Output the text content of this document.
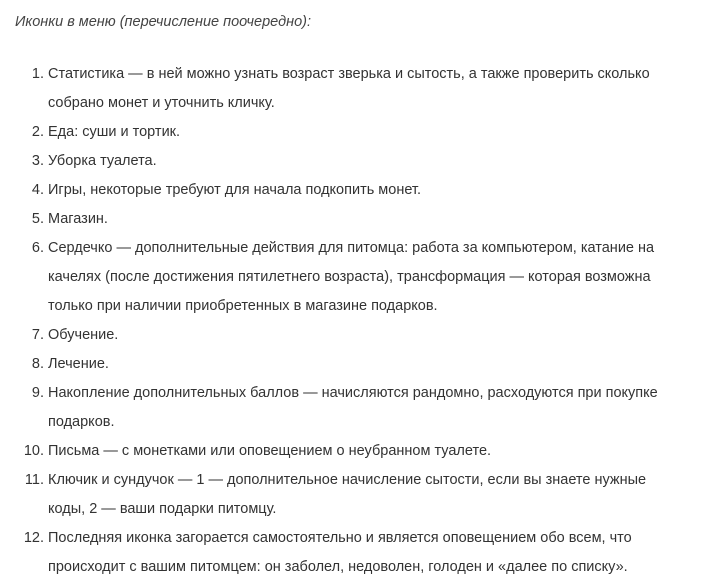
Иконки в меню (перечисление поочередно):
1. Статистика — в ней можно узнать возраст зверька и сытость, а также проверить сколько
собрано монет и уточнить кличку.
2. Еда: суши и тортик.
3. Уборка туалета.
4. Игры, некоторые требуют для начала подкопить монет.
5. Магазин.
6. Сердечко — дополнительные действия для питомца: работа за компьютером, катание на
качелях (после достижения пятилетнего возраста), трансформация — которая возможна
только при наличии приобретенных в магазине подарков.
7. Обучение.
8. Лечение.
9. Накопление дополнительных баллов — начисляются рандомно, расходуются при покупке
подарков.
10. Письма — с монетками или оповещением о неубранном туалете.
11. Ключик и сундучок — 1 — дополнительное начисление сытости, если вы знаете нужные
коды, 2 — ваши подарки питомцу.
12. Последняя иконка загорается самостоятельно и является оповещением обо всем, что
происходит с вашим питомцем: он заболел, недоволен, голоден и «далее по списку».
